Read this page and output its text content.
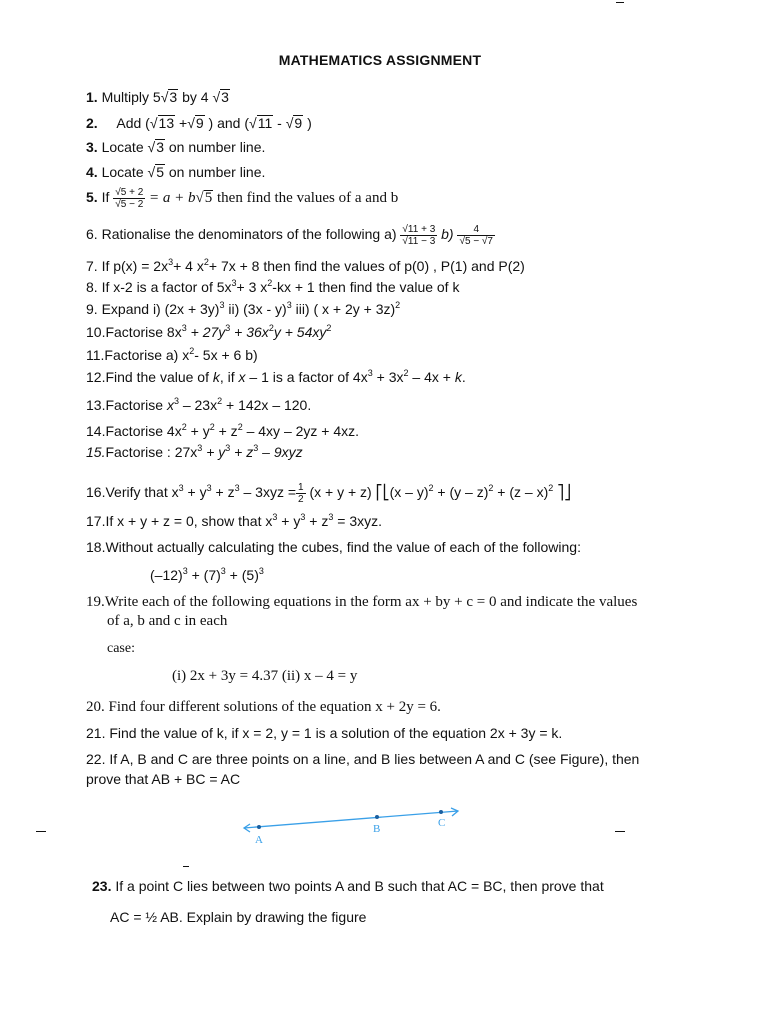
MATHEMATICS ASSIGNMENT
1. Multiply 5√3 by 4 √3
2. Add (√13 +√9 ) and (√11 - √9 )
3. Locate √3 on number line.
4. Locate √5 on number line.
5. If $\frac{√5 + 2}{√5 - 2} = a + b√5$ then find the values of a and b
6. Rationalise the denominators of the following $a) \frac{√11 + 3}{√11 - 3} b) \frac{4}{√5 - √7}$
7. If $p(x) = 2x^3+ 4$ $x^2+ 7x + 8$ then find the values of p(0) , P(1) and P(2)
8. If x-2 is a factor of $5x^3+ 3$ $x^2-kx + 1$ then find the value of k
9. Expand i) $(2x + 3y)^3$ ii) (3x - y)$^3$ iii) ( x + 2y + 3z)$^2$
10.Factorise $8x^3 + 27y^3 + 36x^2y + 54xy^2$
11.Factorise a) $x^2-$ 5x + 6 b)
12.Find the value of k, if x – 1 is a factor of $4x^3 + 3x^2 - 4x + k$.
13.Factorise $x^3 - 23x^2 + 142x - 120$.
14.Factorise $4x^2 + y^2 + z^2 - 4xy - 2yz + 4xz$.
15.Factorise : $27x^3 + y^3 + z^3 - 9xyz$
16.Verify that $x^3 + y^3 + z^3 - 3xyz = \frac{1}{2} (x + y + z)$ ⎡⎣(x – y)$^2$ + (y – z)$^2$ + (z – x)$^2$ ⎤⎦
17.If x + y + z = 0, show that $x^3 + y^3 + z^3 = 3xyz$.
18.Without actually calculating the cubes, find the value of each of the following:
$(-12)^3 + (7)^3 + (5)^3$
19.Write each of the following equations in the form ax + by + c = 0 and indicate the values
of a, b and c in each
case:
(i) 2x + 3y = 4.37 (ii) x – 4 = y
20. Find four different solutions of the equation x + 2y = 6.
21. Find the value of k, if x = 2, y = 1 is a solution of the equation 2x + 3y = k.
22. If A, B and C are three points on a line, and B lies between A and C (see Figure), then
prove that AB + BC = AC
A
B	C
23. If a point C lies between two points A and B such that AC = BC, then prove that
AC = ½ AB. Explain by drawing the figure
